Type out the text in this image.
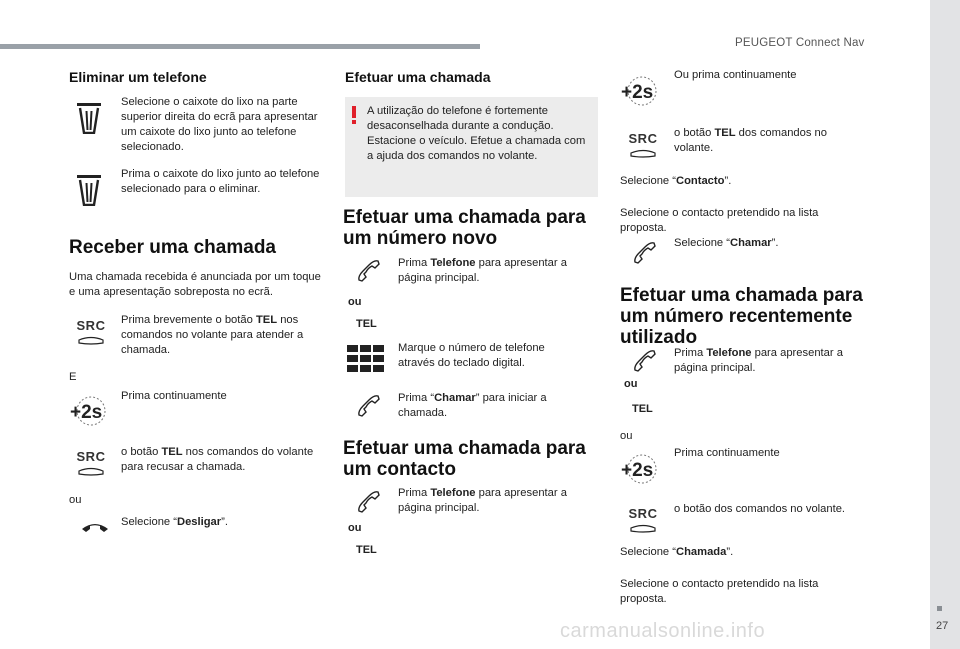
PEUGEOT Connect Nav
27
carmanualsonline.info
Eliminar um telefone
Selecione o caixote do lixo na parte superior direita do ecrã para apresentar um caixote do lixo junto ao telefone selecionado.
Prima o caixote do lixo junto ao telefone selecionado para o eliminar.
Receber uma chamada
Uma chamada recebida é anunciada por um toque e uma apresentação sobreposta no ecrã.
SRC	Prima brevemente o botão TEL nos comandos no volante para atender a chamada.
E
+2s
Prima continuamente
SRC	o botão TEL nos comandos do volante para recusar a chamada.
ou
Selecione “Desligar”.
Efetuar uma chamada
A utilização do telefone é fortemente desaconselhada durante a condução. Estacione o veículo. Efetue a chamada com a ajuda dos comandos no volante.
Efetuar uma chamada para um número novo
ou
TEL
Prima Telefone para apresentar a página principal.
Marque o número de telefone através do teclado digital.
Prima “Chamar” para iniciar a chamada.
Efetuar uma chamada para um contacto
ou
TEL
Prima Telefone para apresentar a página principal.
+2s
Ou prima continuamente
SRC	o botão TEL dos comandos no volante.
Selecione “Contacto”.
Selecione o contacto pretendido na lista proposta.
Selecione “Chamar”.
Efetuar uma chamada para um número recentemente utilizado
ou
TEL
Prima Telefone para apresentar a página principal.
ou
+2s
Prima continuamente
SRC	o botão dos comandos no volante.
Selecione “Chamada”.
Selecione o contacto pretendido na lista proposta.
